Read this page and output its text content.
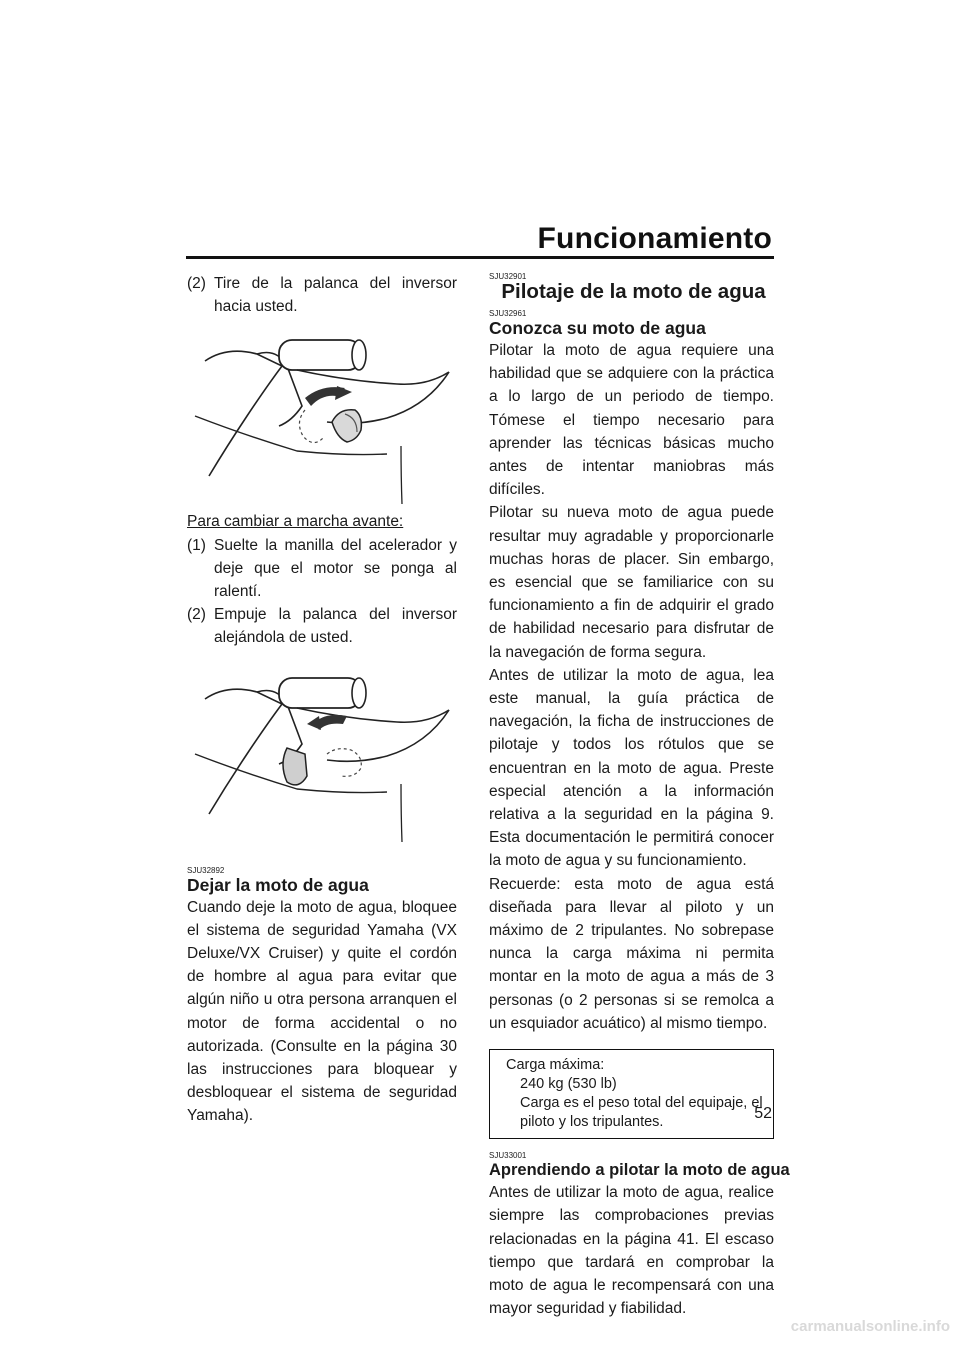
Funcionamiento
(2) Tire de la palanca del inversor hacia usted.

Para cambiar a marcha avante:

(1) Suelte la manilla del acelerador y deje que el motor se ponga al ralentí.
(2) Empuje la palanca del inversor alejándola de usted.

SJU32892

Dejar la moto de agua

Cuando deje la moto de agua, bloquee el sistema de seguridad Yamaha (VX Deluxe/VX Cruiser) y quite el cordón de hombre al agua para evitar que algún niño u otra persona arranquen el motor de forma accidental o no autorizada. (Consulte en la página 30 las instrucciones para bloquear y desbloquear el sistema de seguridad Yamaha).

SJU32901

Pilotaje de la moto de agua

SJU32961

Conozca su moto de agua

Pilotar la moto de agua requiere una habilidad que se adquiere con la práctica a lo largo de un periodo de tiempo. Tómese el tiempo necesario para aprender las técnicas básicas mucho antes de intentar maniobras más difíciles.

Pilotar su nueva moto de agua puede resultar muy agradable y proporcionarle muchas horas de placer. Sin embargo, es esencial que se familiarice con su funcionamiento a fin de adquirir el grado de habilidad necesario para disfrutar de la navegación de forma segura.

Antes de utilizar la moto de agua, lea este manual, la guía práctica de navegación, la ficha de instrucciones de pilotaje y todos los rótulos que se encuentran en la moto de agua. Preste especial atención a la información relativa a la seguridad en la página 9. Esta documentación le permitirá conocer la moto de agua y su funcionamiento.

Recuerde: esta moto de agua está diseñada para llevar al piloto y un máximo de 2 tripulantes. No sobrepase nunca la carga máxima ni permita montar en la moto de agua a más de 3 personas (o 2 personas si se remolca a un esquiador acuático) al mismo tiempo.

Carga máxima:
240 kg (530 lb)
Carga es el peso total del equipaje, el piloto y los tripulantes.

SJU33001

Aprendiendo a pilotar la moto de agua

Antes de utilizar la moto de agua, realice siempre las comprobaciones previas relacionadas en la página 41. El escaso tiempo que tardará en comprobar la moto de agua le recompensará con una mayor seguridad y fiabilidad.

52
carmanualsonline.info
